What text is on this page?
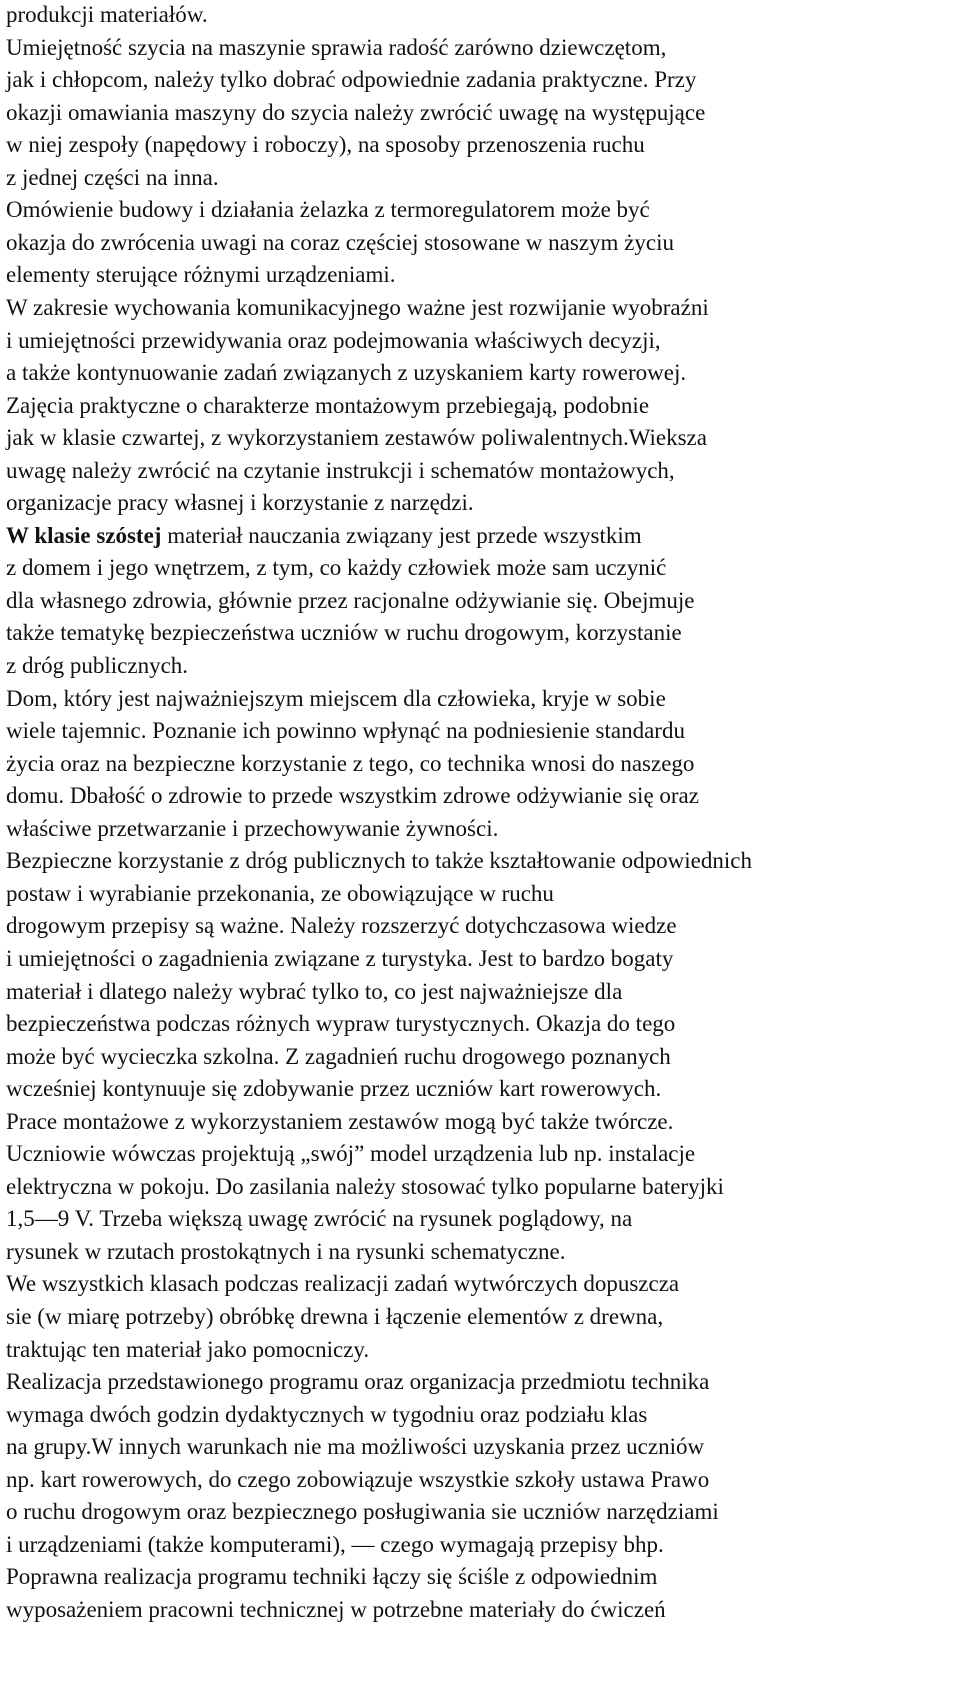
produkcji materiałów.
Umiejętność szycia na maszynie sprawia radość zarówno dziewczętom,
jak i chłopcom, należy tylko dobrać odpowiednie zadania praktyczne. Przy
okazji omawiania maszyny do szycia należy zwrócić uwagę na występujące
w niej zespoły (napędowy i roboczy), na sposoby przenoszenia ruchu
z jednej części na inna.
Omówienie budowy i działania żelazka z termoregulatorem może być
okazja do zwrócenia uwagi na coraz częściej stosowane w naszym życiu
elementy sterujące różnymi urządzeniami.
W zakresie wychowania komunikacyjnego ważne jest rozwijanie wyobraźni
i umiejętności przewidywania oraz podejmowania właściwych decyzji,
a także kontynuowanie zadań związanych z uzyskaniem karty rowerowej.
Zajęcia praktyczne o charakterze montażowym przebiegają, podobnie
jak w klasie czwartej, z wykorzystaniem zestawów poliwalentnych.Wieksza
uwagę należy zwrócić na czytanie instrukcji i schematów montażowych,
organizacje pracy własnej i korzystanie z narzędzi.
W klasie szóstej materiał nauczania związany jest przede wszystkim
z domem i jego wnętrzem, z tym, co każdy człowiek może sam uczynić
dla własnego zdrowia, głównie przez racjonalne odżywianie się. Obejmuje
także tematykę bezpieczeństwa uczniów w ruchu drogowym, korzystanie
z dróg publicznych.
Dom, który jest najważniejszym miejscem dla człowieka, kryje w sobie
wiele tajemnic. Poznanie ich powinno wpłynąć na podniesienie standardu
życia oraz na bezpieczne korzystanie z tego, co technika wnosi do naszego
domu. Dbałość o zdrowie to przede wszystkim zdrowe odżywianie się oraz
właściwe przetwarzanie i przechowywanie żywności.
Bezpieczne korzystanie z dróg publicznych to także kształtowanie odpowiednich
postaw i wyrabianie przekonania, ze obowiązujące w ruchu
drogowym przepisy są ważne. Należy rozszerzyć dotychczasowa wiedze
i umiejętności o zagadnienia związane z turystyka. Jest to bardzo bogaty
materiał i dlatego należy wybrać tylko to, co jest najważniejsze dla
bezpieczeństwa podczas różnych wypraw turystycznych. Okazja do tego
może być wycieczka szkolna. Z zagadnień ruchu drogowego poznanych
wcześniej kontynuuje się zdobywanie przez uczniów kart rowerowych.
Prace montażowe z wykorzystaniem zestawów mogą być także twórcze.
Uczniowie wówczas projektują „swój” model urządzenia lub np. instalacje
elektryczna w pokoju. Do zasilania należy stosować tylko popularne bateryjki
1,5—9 V. Trzeba większą uwagę zwrócić na rysunek poglądowy, na
rysunek w rzutach prostokątnych i na rysunki schematyczne.
We wszystkich klasach podczas realizacji zadań wytwórczych dopuszcza
sie (w miarę potrzeby) obróbkę drewna i łączenie elementów z drewna,
traktując ten materiał jako pomocniczy.
Realizacja przedstawionego programu oraz organizacja przedmiotu technika
wymaga dwóch godzin dydaktycznych w tygodniu oraz podziału klas
na grupy.W innych warunkach nie ma możliwości uzyskania przez uczniów
np. kart rowerowych, do czego zobowiązuje wszystkie szkoły ustawa Prawo
o ruchu drogowym oraz bezpiecznego posługiwania sie uczniów narzędziami
i urządzeniami (także komputerami), — czego wymagają przepisy bhp.
Poprawna realizacja programu techniki łączy się ściśle z odpowiednim
wyposażeniem pracowni technicznej w potrzebne materiały do ćwiczeń
